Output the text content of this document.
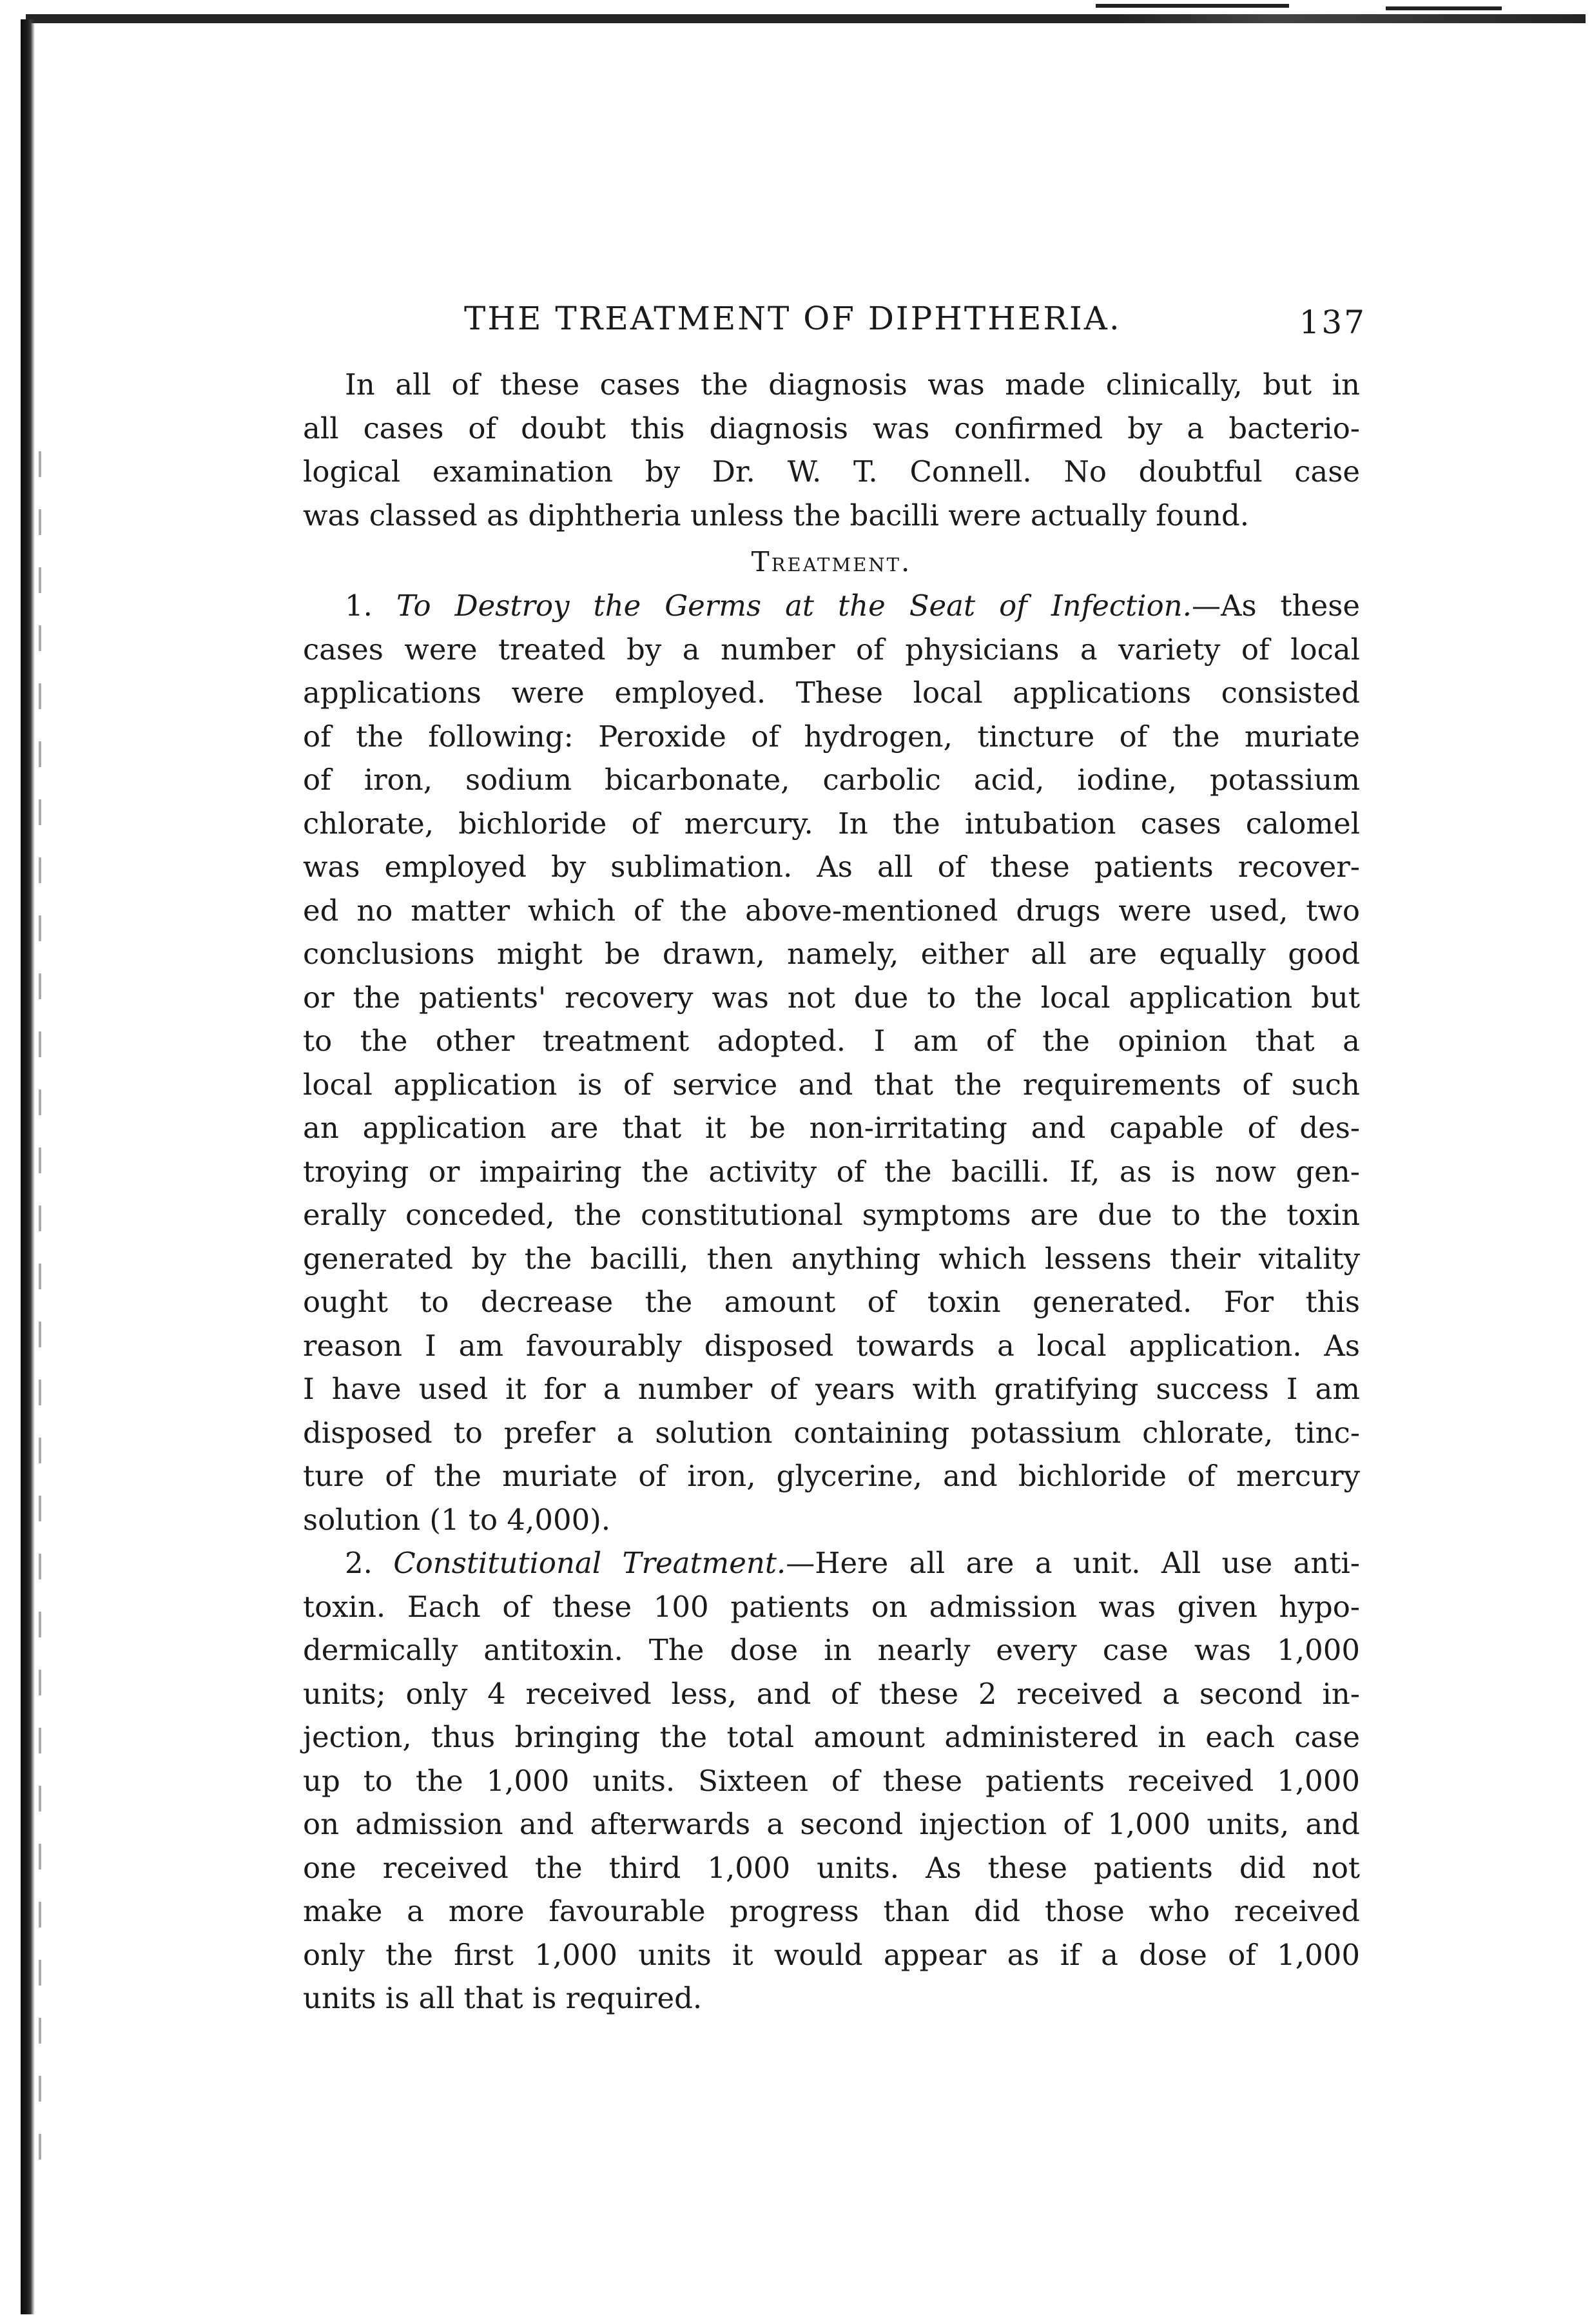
THE TREATMENT OF DIPHTHERIA.	137

In all of these cases the diagnosis was made clinically, but in
all cases of doubt this diagnosis was confirmed by a bacterio-
logical examination by Dr. W. T. Connell. No doubtful case
was classed as diphtheria unless the bacilli were actually found.

Treatment.

1. To Destroy the Germs at the Seat of Infection.—As these
cases were treated by a number of physicians a variety of local
applications were employed. These local applications consisted
of the following: Peroxide of hydrogen, tincture of the muriate
of iron, sodium bicarbonate, carbolic acid, iodine, potassium
chlorate, bichloride of mercury. In the intubation cases calomel
was employed by sublimation. As all of these patients recover-
ed no matter which of the above-mentioned drugs were used, two
conclusions might be drawn, namely, either all are equally good
or the patients' recovery was not due to the local application but
to the other treatment adopted. I am of the opinion that a
local application is of service and that the requirements of such
an application are that it be non-irritating and capable of des-
troying or impairing the activity of the bacilli. If, as is now gen-
erally conceded, the constitutional symptoms are due to the toxin
generated by the bacilli, then anything which lessens their vitality
ought to decrease the amount of toxin generated. For this
reason I am favourably disposed towards a local application. As
I have used it for a number of years with gratifying success I am
disposed to prefer a solution containing potassium chlorate, tinc-
ture of the muriate of iron, glycerine, and bichloride of mercury
solution (1 to 4,000).

2. Constitutional Treatment.—Here all are a unit. All use anti-
toxin. Each of these 100 patients on admission was given hypo-
dermically antitoxin. The dose in nearly every case was 1,000
units; only 4 received less, and of these 2 received a second in-
jection, thus bringing the total amount administered in each case
up to the 1,000 units. Sixteen of these patients received 1,000
on admission and afterwards a second injection of 1,000 units, and
one received the third 1,000 units. As these patients did not
make a more favourable progress than did those who received
only the first 1,000 units it would appear as if a dose of 1,000
units is all that is required.
